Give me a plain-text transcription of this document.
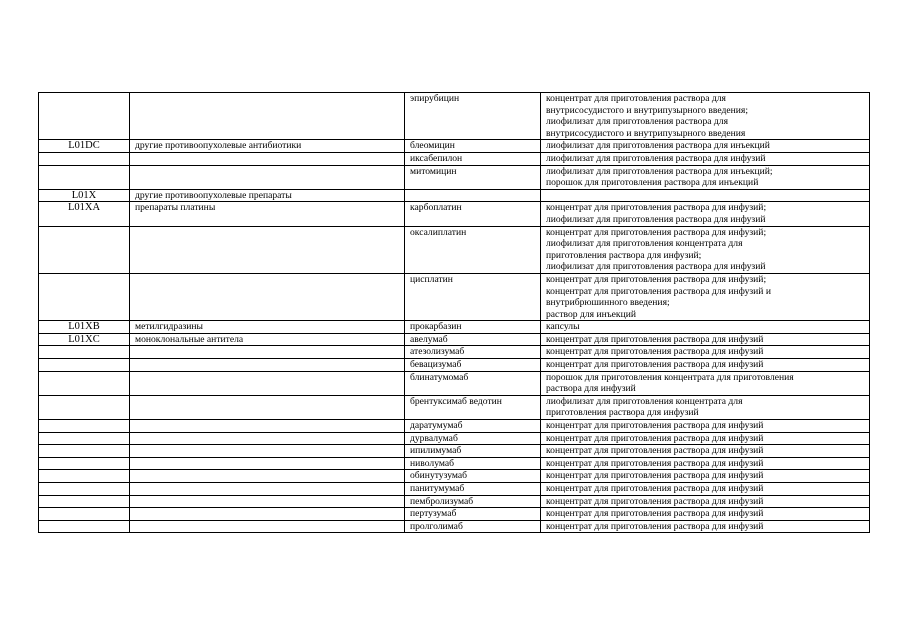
		эпирубицин	концентрат для приготовления раствора для
внутрисосудистого и внутрипузырного введения;
лиофилизат для приготовления раствора для
внутрисосудистого и внутрипузырного введения
L01DC	другие противоопухолевые антибиотики	блеомицин	лиофилизат для приготовления раствора для инъекций
		иксабепилон	лиофилизат для приготовления раствора для инфузий
		митомицин	лиофилизат для приготовления раствора для инъекций;
порошок для приготовления раствора для инъекций
L01X	другие противоопухолевые препараты		
L01XA	препараты платины	карбоплатин	концентрат для приготовления раствора для инфузий;
лиофилизат для приготовления раствора для инфузий
		оксалиплатин	концентрат для приготовления раствора для инфузий;
лиофилизат для приготовления концентрата для
приготовления раствора для инфузий;
лиофилизат для приготовления раствора для инфузий
		цисплатин	концентрат для приготовления раствора для инфузий;
концентрат для приготовления раствора для инфузий и
внутрибрюшинного введения;
раствор для инъекций
L01XB	метилгидразины	прокарбазин	капсулы
L01XC	моноклональные антитела	авелумаб	концентрат для приготовления раствора для инфузий
		атезолизумаб	концентрат для приготовления раствора для инфузий
		бевацизумаб	концентрат для приготовления раствора для инфузий
		блинатумомаб	порошок для приготовления концентрата для приготовления
раствора для инфузий
		брентуксимаб ведотин	лиофилизат для приготовления концентрата для
приготовления раствора для инфузий
		даратумумаб	концентрат для приготовления раствора для инфузий
		дурвалумаб	концентрат для приготовления раствора для инфузий
		ипилимумаб	концентрат для приготовления раствора для инфузий
		ниволумаб	концентрат для приготовления раствора для инфузий
		обинутузумаб	концентрат для приготовления раствора для инфузий
		панитумумаб	концентрат для приготовления раствора для инфузий
		пембролизумаб	концентрат для приготовления раствора для инфузий
		пертузумаб	концентрат для приготовления раствора для инфузий
		пролголимаб	концентрат для приготовления раствора для инфузий
